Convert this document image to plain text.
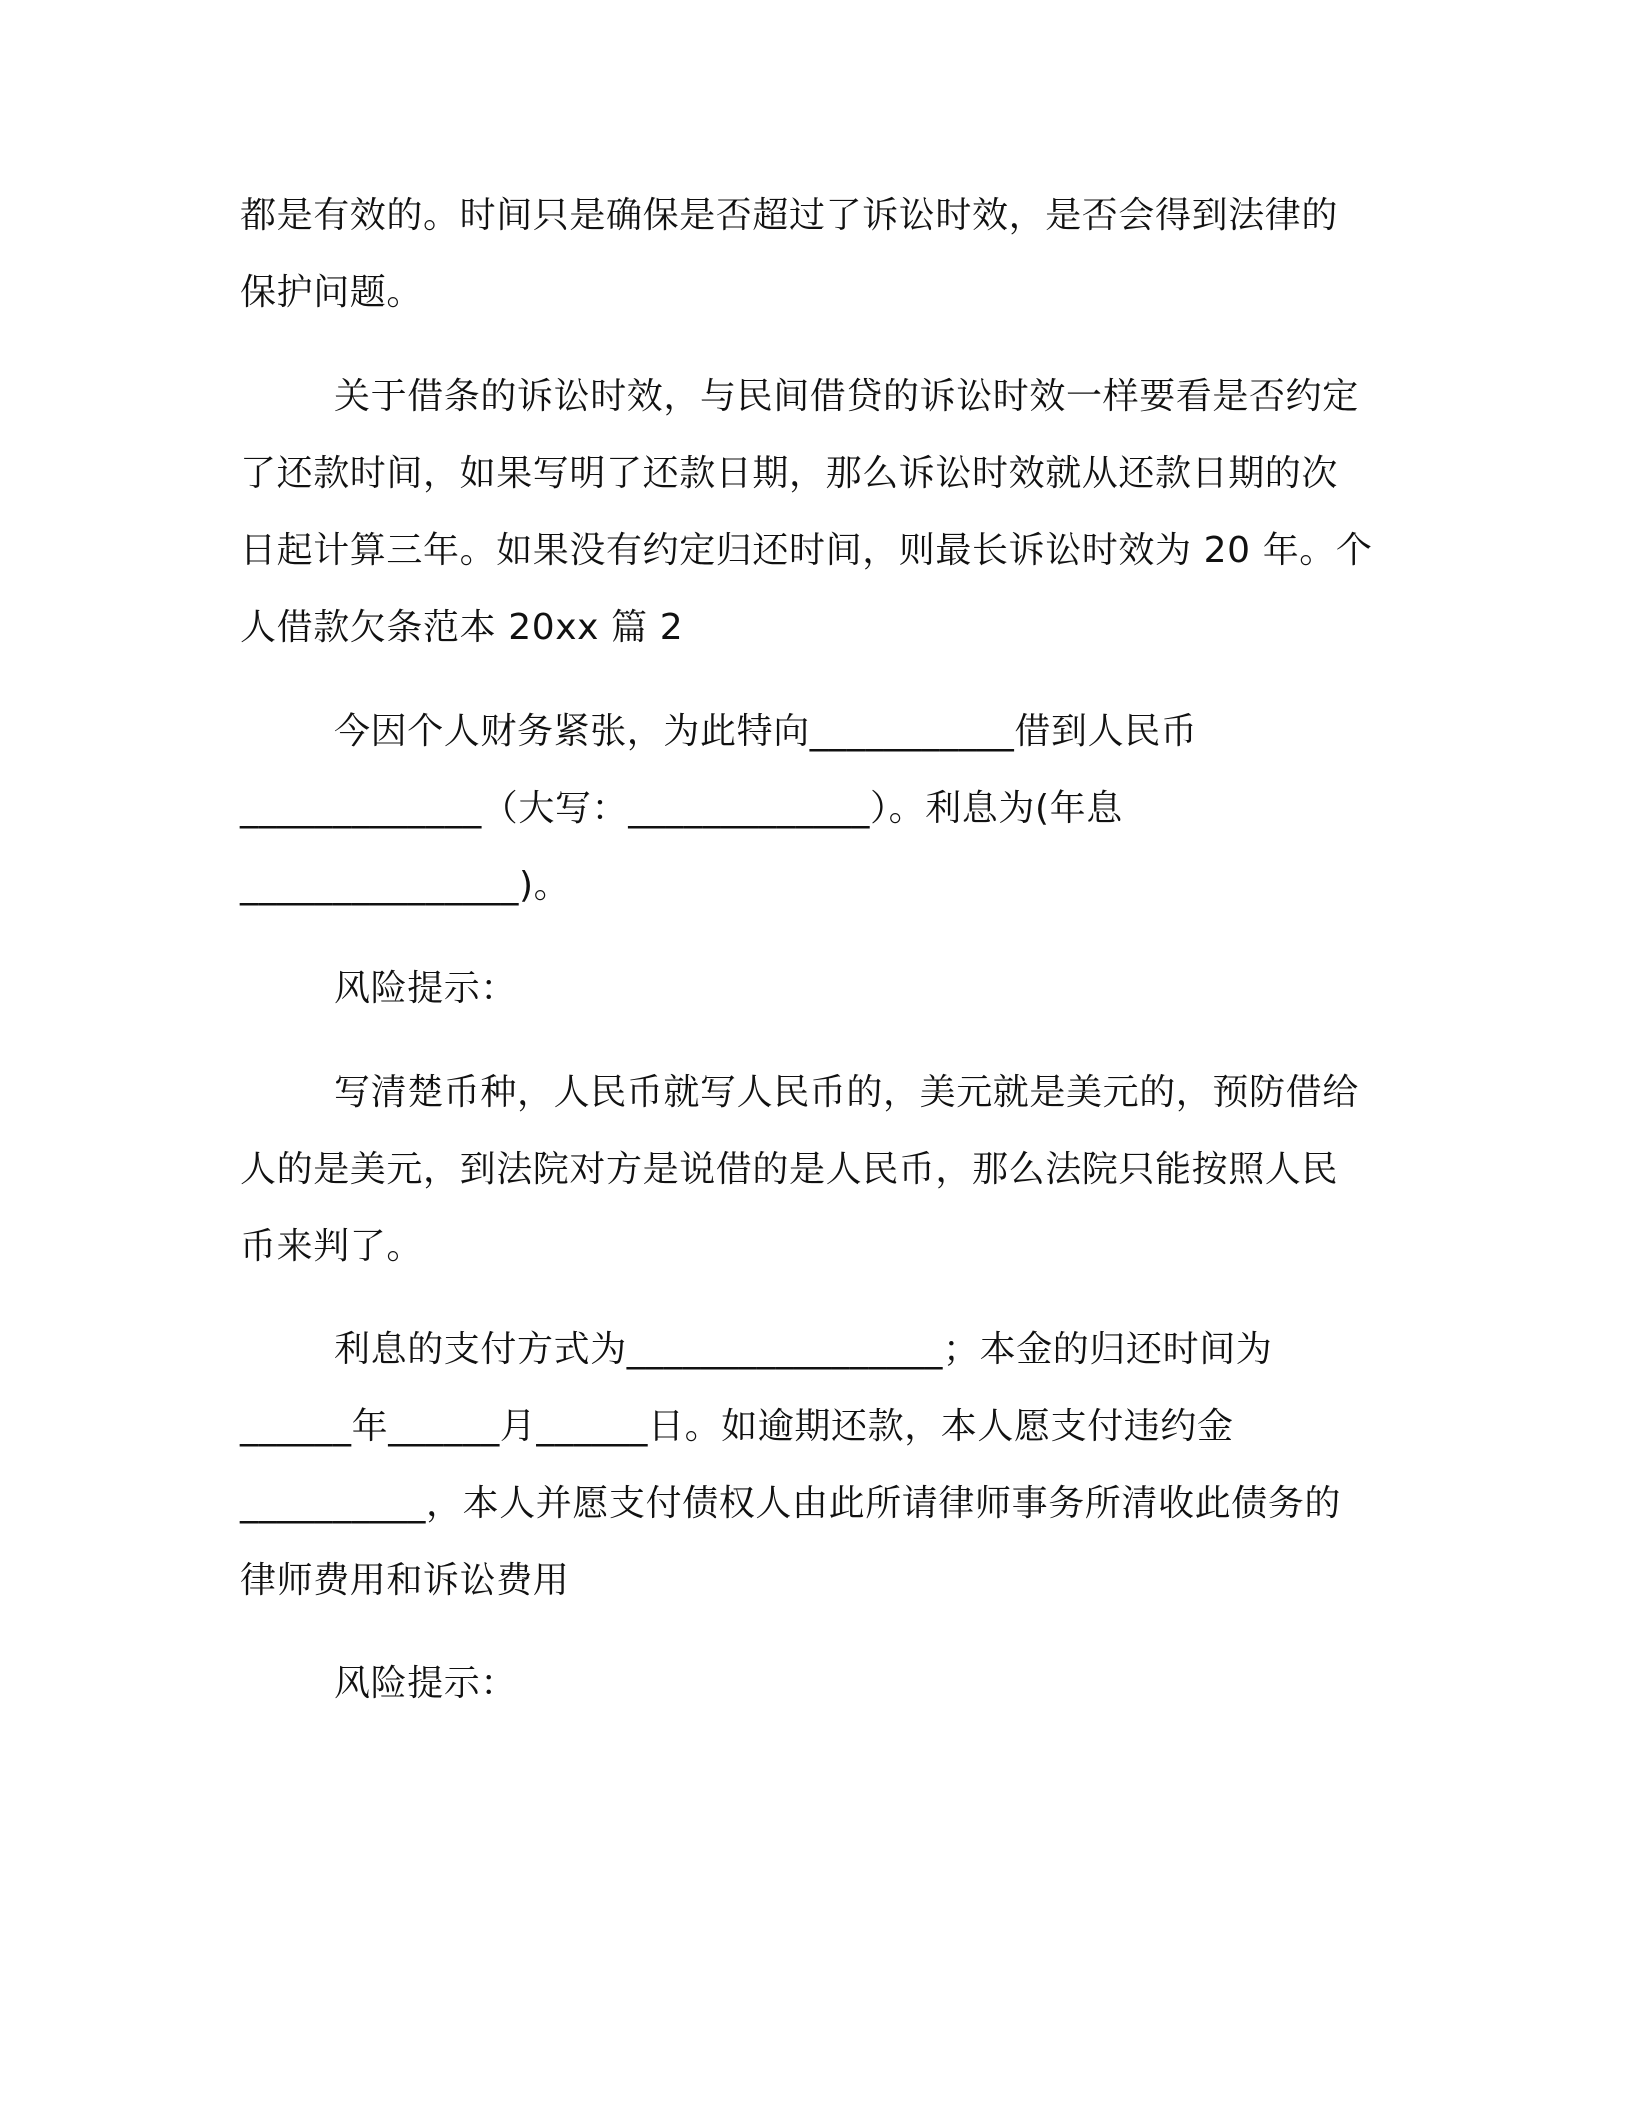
都是有效的。时间只是确保是否超过了诉讼时效，是否会得到法律的
保护问题。
关于借条的诉讼时效，与民间借贷的诉讼时效一样要看是否约定
了还款时间，如果写明了还款日期，那么诉讼时效就从还款日期的次
日起计算三年。如果没有约定归还时间，则最长诉讼时效为 20 年。个
人借款欠条范本 20xx 篇 2
今因个人财务紧张，为此特向___________借到人民币
_____________（大写：_____________）。利息为(年息
_______________)。
风险提示：
写清楚币种，人民币就写人民币的，美元就是美元的，预防借给
人的是美元，到法院对方是说借的是人民币，那么法院只能按照人民
币来判了。
利息的支付方式为_________________；本金的归还时间为
______年______月______日。如逾期还款，本人愿支付违约金
__________，本人并愿支付债权人由此所请律师事务所清收此债务的
律师费用和诉讼费用
风险提示：
